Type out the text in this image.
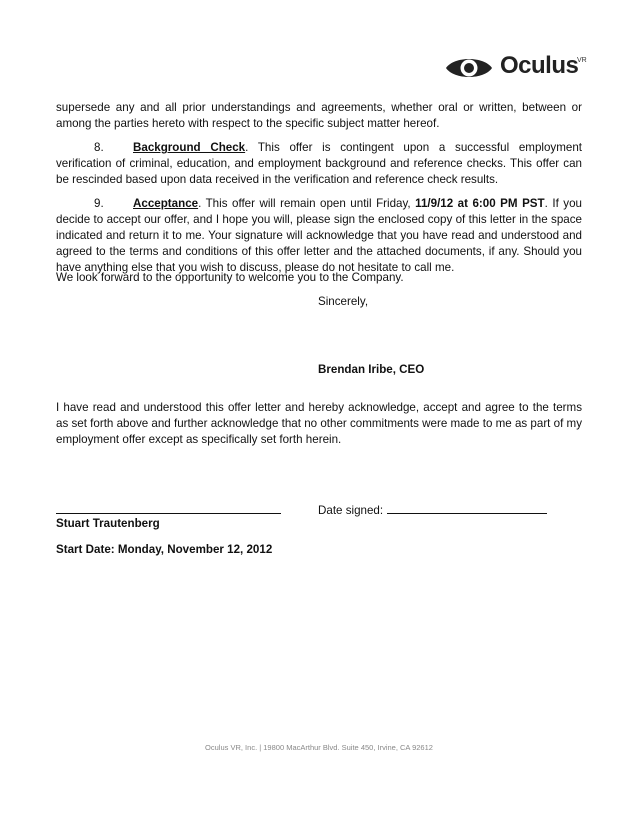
Oculus
VR

supersede any and all prior understandings and agreements, whether oral or written, between or among the parties hereto with respect to the specific subject matter hereof.

8.	Background Check. This offer is contingent upon a successful employment verification of criminal, education, and employment background and reference checks. This offer can be rescinded based upon data received in the verification and reference check results.

9.	Acceptance. This offer will remain open until Friday, 11/9/12 at 6:00 PM PST. If you decide to accept our offer, and I hope you will, please sign the enclosed copy of this letter in the space indicated and return it to me. Your signature will acknowledge that you have read and understood and agreed to the terms and conditions of this offer letter and the attached documents, if any. Should you have anything else that you wish to discuss, please do not hesitate to call me.

We look forward to the opportunity to welcome you to the Company.

Sincerely,

Brendan Iribe, CEO

I have read and understood this offer letter and hereby acknowledge, accept and agree to the terms as set forth above and further acknowledge that no other commitments were made to me as part of my employment offer except as specifically set forth herein.

Date signed:

Stuart Trautenberg

Start Date: Monday, November 12, 2012

Oculus VR, Inc. | 19800 MacArthur Blvd. Suite 450, Irvine, CA 92612
